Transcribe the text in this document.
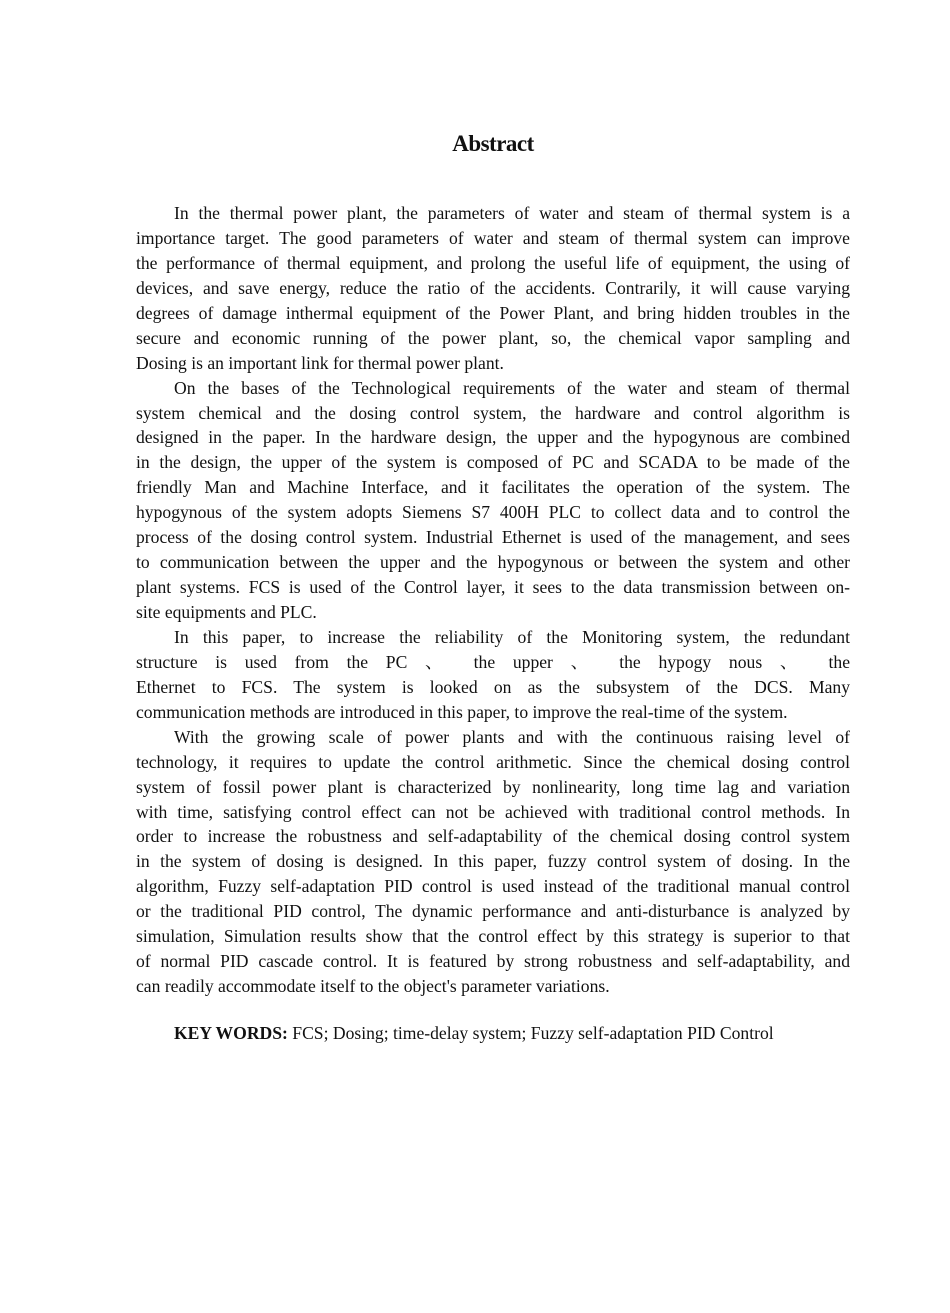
Abstract
In the thermal power plant, the parameters of water and steam of thermal system is a
importance target. The good parameters of water and steam of thermal system can improve
the performance of thermal equipment, and prolong the useful life of equipment, the using of
devices, and save energy, reduce the ratio of the accidents. Contrarily, it will cause varying
degrees of damage inthermal equipment of the Power Plant, and bring hidden troubles in the
secure and economic running of the power plant, so, the chemical vapor sampling and
Dosing is an important link for thermal power plant.
On the bases of the Technological requirements of the water and steam of thermal
system chemical and the dosing control system, the hardware and control algorithm is
designed in the paper. In the hardware design, the upper and the hypogynous are combined
in the design, the upper of the system is composed of PC and SCADA to be made of the
friendly Man and Machine Interface, and it facilitates the operation of the system. The
hypogynous of the system adopts Siemens S7 400H PLC to collect data and to control the
process of the dosing control system. Industrial Ethernet is used of the management, and sees
to communication between the upper and the hypogynous or between the system and other
plant systems. FCS is used of the Control layer, it sees to the data transmission between on-
site equipments and PLC.
In this paper, to increase the reliability of the Monitoring system, the redundant
structure is used from the PC 、 the upper 、 the hypogy nous 、 the
Ethernet to FCS. The system is looked on as the subsystem of the DCS. Many
communication methods are introduced in this paper, to improve the real-time of the system.
With the growing scale of power plants and with the continuous raising level of
technology, it requires to update the control arithmetic. Since the chemical dosing control
system of fossil power plant is characterized by nonlinearity, long time lag and variation
with time, satisfying control effect can not be achieved with traditional control methods. In
order to increase the robustness and self-adaptability of the chemical dosing control system
in the system of dosing is designed. In this paper, fuzzy control system of dosing. In the
algorithm, Fuzzy self-adaptation PID control is used instead of the traditional manual control
or the traditional PID control, The dynamic performance and anti-disturbance is analyzed by
simulation, Simulation results show that the control effect by this strategy is superior to that
of normal PID cascade control. It is featured by strong robustness and self-adaptability, and
can readily accommodate itself to the object's parameter variations.
KEY WORDS: FCS; Dosing; time-delay system; Fuzzy self-adaptation PID Control
